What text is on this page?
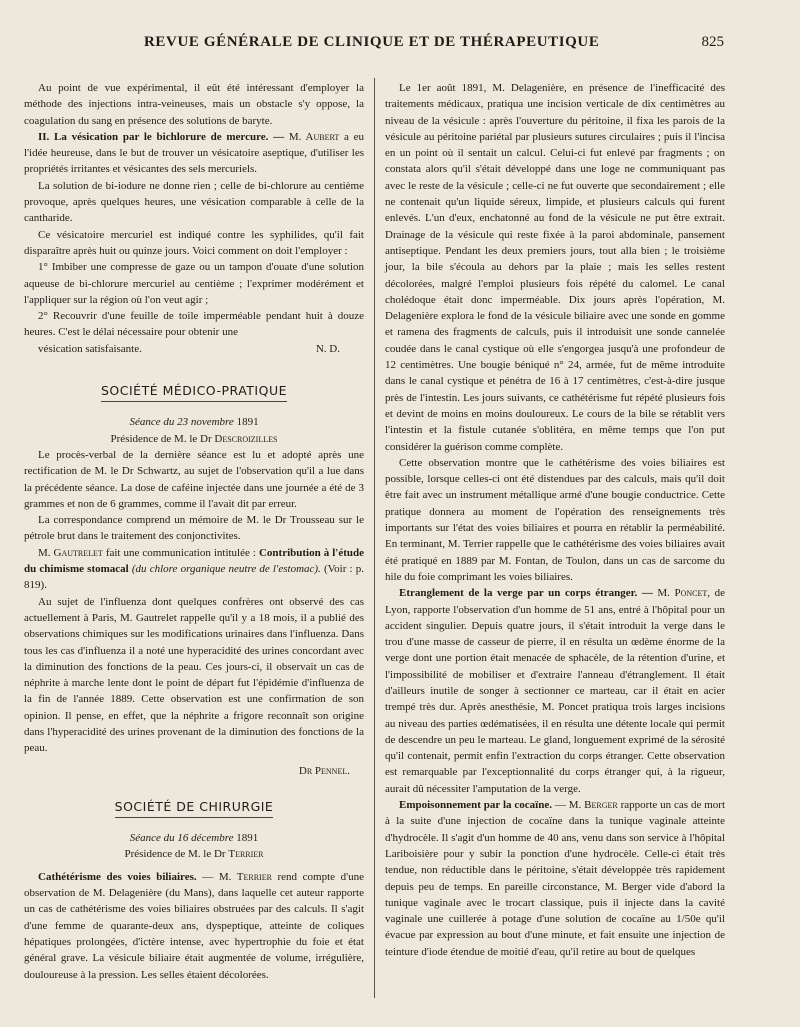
REVUE GÉNÉRALE DE CLINIQUE ET DE THÉRAPEUTIQUE	825

Au point de vue expérimental, il eût été intéressant d'employer la méthode des injections intra-veineuses, mais un obstacle s'y oppose, la coagulation du sang en présence des solutions de baryte.

II. La vésication par le bichlorure de mercure. — M. Aubert a eu l'idée heureuse, dans le but de trouver un vésicatoire aseptique, d'utiliser les propriétés irritantes et vésicantes des sels mercuriels.

La solution de bi-iodure ne donne rien ; celle de bi-chlorure au centième provoque, après quelques heures, une vésication comparable à celle de la cantharide.

Ce vésicatoire mercuriel est indiqué contre les syphilides, qu'il fait disparaître après huit ou quinze jours. Voici comment on doit l'employer :

1° Imbiber une compresse de gaze ou un tampon d'ouate d'une solution aqueuse de bi-chlorure mercuriel au centième ; l'exprimer modérément et l'appliquer sur la région où l'on veut agir ;

2° Recouvrir d'une feuille de toile imperméable pendant huit à douze heures. C'est le délai nécessaire pour obtenir une

vésication satisfaisante.	N. D.
SOCIÉTÉ MÉDICO-PRATIQUE

Séance du 23 novembre 1891

Présidence de M. le Dr Descroizilles

Le procès-verbal de la dernière séance est lu et adopté après une rectification de M. le Dr Schwartz, au sujet de l'observation qu'il a lue dans la précédente séance. La dose de caféine injectée dans une journée a été de 3 grammes et non de 6 grammes, comme il l'avait dit par erreur.

La correspondance comprend un mémoire de M. le Dr Trousseau sur le pétrole brut dans le traitement des conjonctivites.

M. Gautrelet fait une communication intitulée : Contribution à l'étude du chimisme stomacal (du chlore organique neutre de l'estomac). (Voir : p. 819).

Au sujet de l'influenza dont quelques confrères ont observé des cas actuellement à Paris, M. Gautrelet rappelle qu'il y a 18 mois, il a publié des observations chimiques sur les modifications urinaires dans l'influenza. Dans tous les cas d'influenza il a noté une hyperacidité des urines concordant avec la diminution des fonctions de la peau. Ces jours-ci, il observait un cas de néphrite à marche lente dont le point de départ fut l'épidémie d'influenza de la fin de l'année 1889. Cette observation est une confirmation de son opinion. Il pense, en effet, que la néphrite a frigore reconnaît son origine dans l'hyperacidité des urines provenant de la diminution des fonctions de la peau.

Dr Pennel.

SOCIÉTÉ DE CHIRURGIE

Séance du 16 décembre 1891

Présidence de M. le Dr Terrier

Cathétérisme des voies biliaires. — M. Terrier rend compte d'une observation de M. Delagenière (du Mans), dans laquelle cet auteur rapporte un cas de cathétérisme des voies biliaires obstruées par des calculs. Il s'agit d'une femme de quarante-deux ans, dyspeptique, atteinte de coliques hépatiques prolongées, d'ictère intense, avec hypertrophie du foie et état général grave. La vésicule biliaire était augmentée de volume, irrégulière, douloureuse à la pression. Les selles étaient décolorées.

Le 1er août 1891, M. Delagenière, en présence de l'inefficacité des traitements médicaux, pratiqua une incision verticale de dix centimètres au niveau de la vésicule : après l'ouverture du péritoine, il fixa les parois de la vésicule au péritoine pariétal par plusieurs sutures circulaires ; puis il l'incisa en un point où il sentait un calcul. Celui-ci fut enlevé par fragments ; on constata alors qu'il s'était développé dans une loge ne communiquant pas avec le reste de la vésicule ; celle-ci ne fut ouverte que secondairement ; elle ne contenait qu'un liquide séreux, limpide, et plusieurs calculs qui furent enlevés. L'un d'eux, enchatonné au fond de la vésicule ne put être extrait. Drainage de la vésicule qui reste fixée à la paroi abdominale, pansement antiseptique. Pendant les deux premiers jours, tout alla bien ; le troisième jour, la bile s'écoula au dehors par la plaie ; mais les selles restent décolorées, malgré l'emploi plusieurs fois répété du calomel. Le canal cholédoque était donc imperméable. Dix jours après l'opération, M. Delagenière explora le fond de la vésicule biliaire avec une sonde en gomme et ramena des fragments de calculs, puis il introduisit une sonde cannelée coudée dans le canal cystique où elle s'engorgea jusqu'à une profondeur de 12 centimètres. Une bougie béniqué n° 24, armée, fut de même introduite dans le canal cystique et pénétra de 16 à 17 centimètres, c'est-à-dire jusque près de l'intestin. Les jours suivants, ce cathétérisme fut répété plusieurs fois et devint de moins en moins douloureux. Le cours de la bile se rétablit vers l'intestin et la fistule cutanée s'oblitéra, en même temps que l'on put considérer la guérison comme complète.

Cette observation montre que le cathétérisme des voies biliaires est possible, lorsque celles-ci ont été distendues par des calculs, mais qu'il doit être fait avec un instrument métallique armé d'une bougie conductrice. Cette pratique donnera au moment de l'opération des renseignements très importants sur l'état des voies biliaires et pourra en rétablir la perméabilité. En terminant, M. Terrier rappelle que le cathétérisme des voies biliaires avait été pratiqué en 1889 par M. Fontan, de Toulon, dans un cas de sarcome du hile du foie comprimant les voies biliaires.

Etranglement de la verge par un corps étranger. — M. Poncet, de Lyon, rapporte l'observation d'un homme de 51 ans, entré à l'hôpital pour un accident singulier. Depuis quatre jours, il s'était introduit la verge dans le trou d'une masse de casseur de pierre, il en résulta un œdème énorme de la verge dont une portion était menacée de sphacèle, de la rétention d'urine, et l'impossibilité de mobiliser et d'extraire l'anneau d'étranglement. Il était d'ailleurs inutile de songer à sectionner ce marteau, car il était en acier trempé très dur. Après anesthésie, M. Poncet pratiqua trois larges incisions au niveau des parties œdématisées, il en résulta une détente locale qui permit de descendre un peu le marteau. Le gland, longuement exprimé de la sérosité qu'il contenait, permit enfin l'extraction du corps étranger. Cette observation est remarquable par l'exceptionnalité du corps étranger qui, à la rigueur, aurait dû nécessiter l'amputation de la verge.

Empoisonnement par la cocaïne. — M. Berger rapporte un cas de mort à la suite d'une injection de cocaïne dans la tunique vaginale atteinte d'hydrocèle. Il s'agit d'un homme de 40 ans, venu dans son service à l'hôpital Lariboisière pour y subir la ponction d'une hydrocèle. Celle-ci était très tendue, non réductible dans le péritoine, s'était développée très rapidement depuis peu de temps. En pareille circonstance, M. Berger vide d'abord la tunique vaginale avec le trocart classique, puis il injecte dans la cavité vaginale une cuillerée à potage d'une solution de cocaïne au 1/50e qu'il évacue par expression au bout d'une minute, et fait ensuite une injection de teinture d'iode étendue de moitié d'eau, qu'il retire au bout de quelques
